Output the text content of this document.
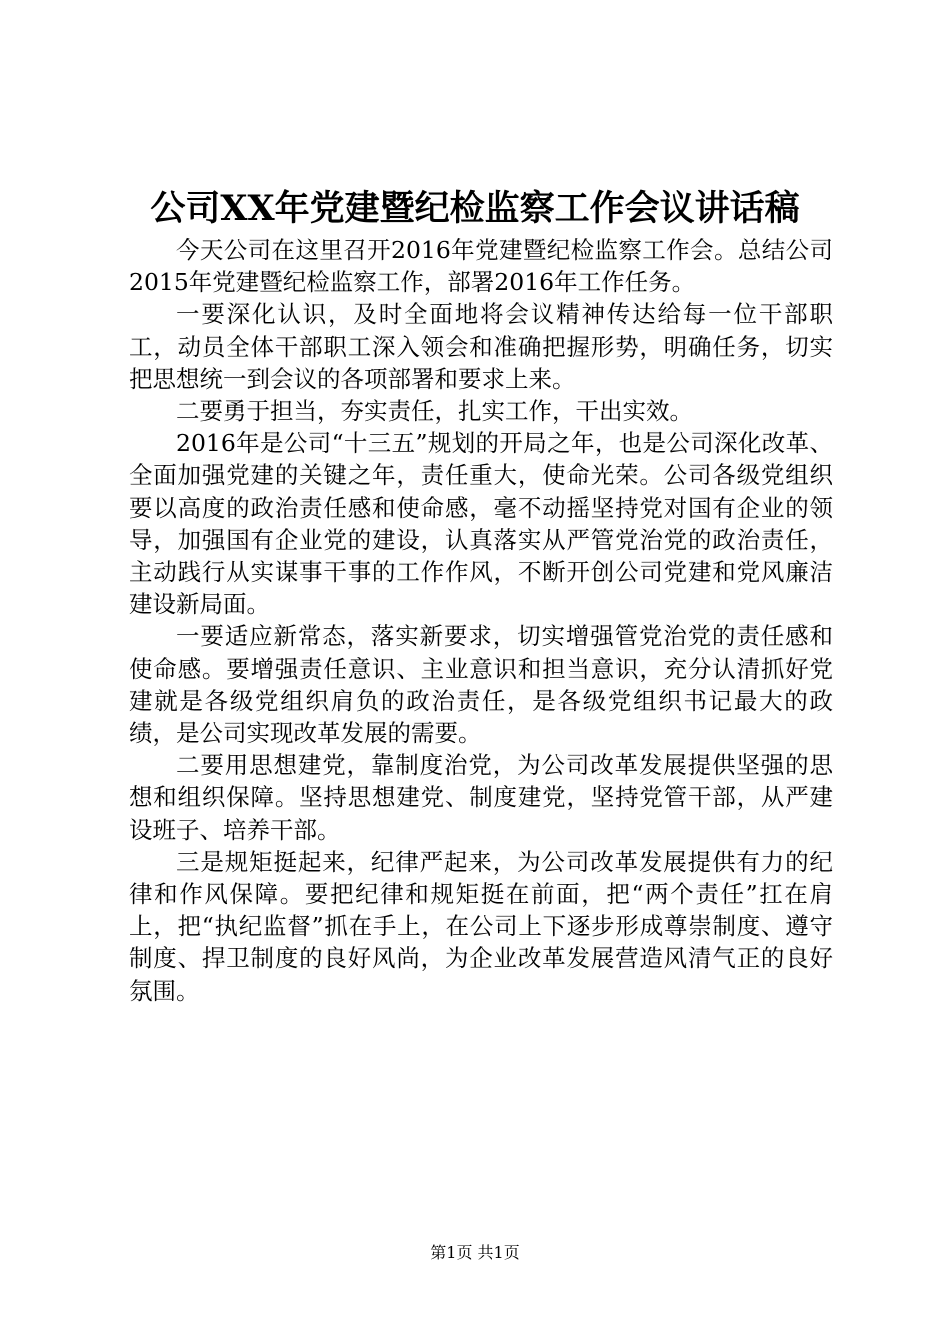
公司XX年党建暨纪检监察工作会议讲话稿

今天公司在这里召开2016年党建暨纪检监察工作会。总结公司2015年党建暨纪检监察工作，部署2016年工作任务。

一要深化认识，及时全面地将会议精神传达给每一位干部职工，动员全体干部职工深入领会和准确把握形势，明确任务，切实把思想统一到会议的各项部署和要求上来。

二要勇于担当，夯实责任，扎实工作，干出实效。

2016年是公司“十三五”规划的开局之年，也是公司深化改革、全面加强党建的关键之年，责任重大，使命光荣。公司各级党组织要以高度的政治责任感和使命感，毫不动摇坚持党对国有企业的领导，加强国有企业党的建设，认真落实从严管党治党的政治责任，主动践行从实谋事干事的工作作风，不断开创公司党建和党风廉洁建设新局面。

一要适应新常态，落实新要求，切实增强管党治党的责任感和使命感。要增强责任意识、主业意识和担当意识，充分认清抓好党建就是各级党组织肩负的政治责任，是各级党组织书记最大的政绩，是公司实现改革发展的需要。

二要用思想建党，靠制度治党，为公司改革发展提供坚强的思想和组织保障。坚持思想建党、制度建党，坚持党管干部，从严建设班子、培养干部。

三是规矩挺起来，纪律严起来，为公司改革发展提供有力的纪律和作风保障。要把纪律和规矩挺在前面，把“两个责任”扛在肩上，把“执纪监督”抓在手上，在公司上下逐步形成尊崇制度、遵守制度、捍卫制度的良好风尚，为企业改革发展营造风清气正的良好氛围。

第1页 共1页
